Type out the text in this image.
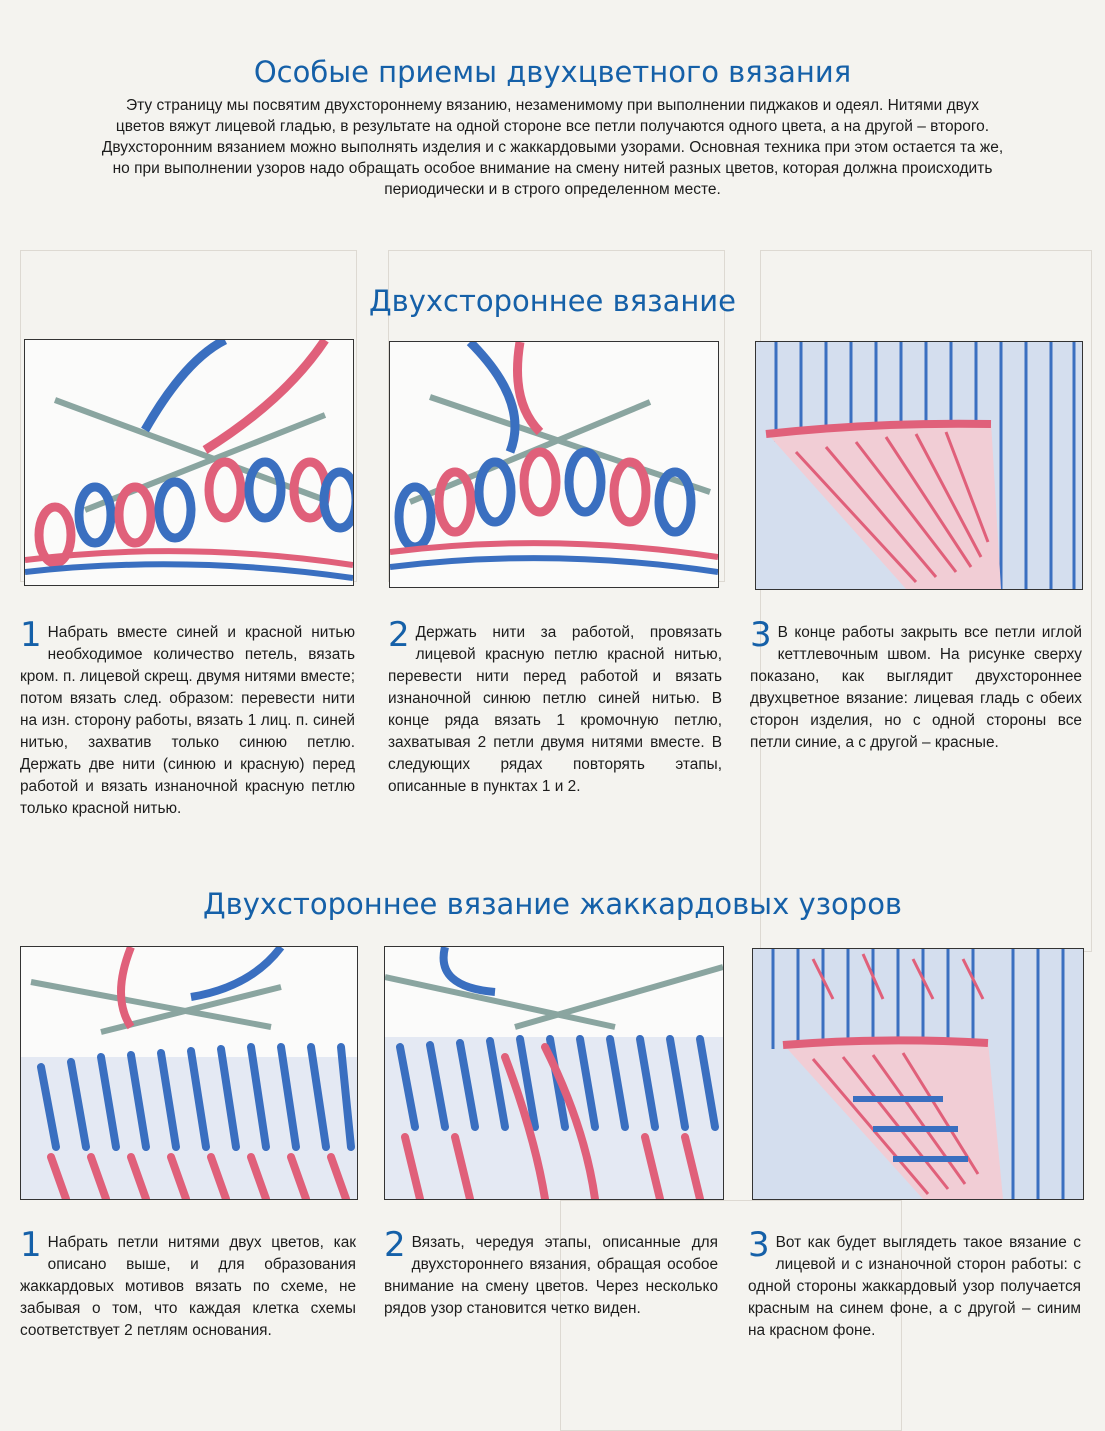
Особые приемы двухцветного вязания

Эту страницу мы посвятим двухстороннему вязанию, незаменимому при выполнении пиджаков и одеял. Нитями двух

цветов вяжут лицевой гладью, в результате на одной стороне все петли получаются одного цвета, а на другой – второго.

Двухсторонним вязанием можно выполнять изделия и с жаккардовыми узорами. Основная техника при этом остается та же,

но при выполнении узоров надо обращать особое внимание на смену нитей разных цветов, которая должна происходить

периодически и в строго определенном месте.

Двухстороннее вязание
1 Набрать вместе синей и красной нитью необходимое количество петель, вязать кром. п. лицевой скрещ. двумя нитями вместе; потом вязать след. образом: перевести нити на изн. сторону работы, вязать 1 лиц. п. синей нитью, захватив только синюю петлю. Держать две нити (синюю и красную) перед работой и вязать изнаночной красную петлю только красной нитью.
2 Держать нити за работой, провязать лицевой красную петлю красной нитью, перевести нити перед работой и вязать изнаночной синюю петлю синей нитью. В конце ряда вязать 1 кромочную петлю, захватывая 2 петли двумя нитями вместе. В следующих рядах повторять этапы, описанные в пунктах 1 и 2.
3 В конце работы закрыть все петли иглой кеттлевочным швом. На рисунке сверху показано, как выглядит двухстороннее двухцветное вязание: лицевая гладь с обеих сторон изделия, но с одной стороны все петли синие, а с другой – красные.
Двухстороннее вязание жаккардовых узоров
1 Набрать петли нитями двух цветов, как описано выше, и для образования жаккардовых мотивов вязать по схеме, не забывая о том, что каждая клетка схемы соответствует 2 петлям основания.
2 Вязать, чередуя этапы, описанные для двухстороннего вязания, обращая особое внимание на смену цветов. Через несколько рядов узор становится четко виден.
3 Вот как будет выглядеть такое вязание с лицевой и с изнаночной сторон работы: с одной стороны жаккардовый узор получается красным на синем фоне, а с другой – синим на красном фоне.
